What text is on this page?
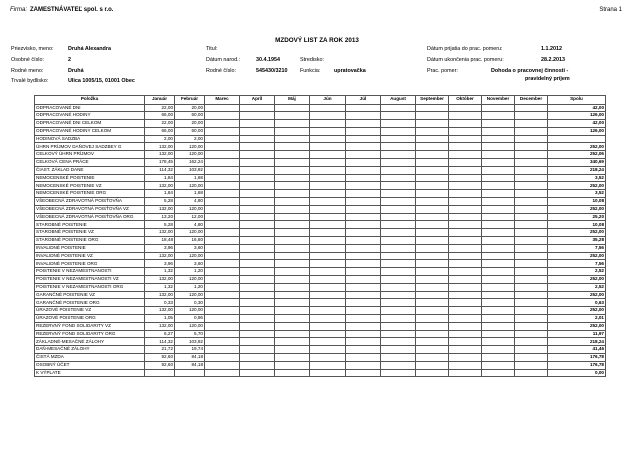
Firma: ZAMESTNÁVATEĽ spol. s r.o.	Strana 1
MZDOVÝ LIST ZA ROK 2013
Priezvisko, meno:	Druhá Alexandra
Osobné číslo:	2
Rodné meno:	Druhá
Trvalé bydlisko:	Ulica 1005/15, 01001 Obec
Titul:
Dátum narod.:	30.4.1954
Rodné číslo:	545430/3210
Stredisko:
Funkcia:	upratovačka
Dátum prijatia do prac. pomeru:	1.1.2012
Dátum ukončenia prac. pomeru:	28.2.2013
Prac. pomer:	Dohoda o pracovnej činnosti -
pravidelný príjem
Položka	Január	Február	Marec	Apríl	Máj	Jún	Júl	August	September	Október	November	December	Spolu
ODPRACOVANÉ DNI	22,00	20,00											42,00
ODPRACOVANÉ HODINY	66,00	60,00											126,00
ODPRACOVANÉ DNI CELKOM	22,00	20,00											42,00
ODPRACOVANÉ HODINY CELKOM	66,00	60,00											126,00
HODINOVÁ SADZBA	2,00	2,00											
ÚHRN PRÍJMOV DAŇOVEJ SADZBEY G	132,00	120,00											252,00
CELKOVÝ ÚHRN PRÍJMOV	132,00	120,00											252,06
CELKOVÁ CENA PRÁCE	178,45	162,24											340,69
ČIAST. ZÁKLAD DANE	114,32	103,92											218,24
NEMOCENSKÉ POISTENIE	1,84	1,68											3,52
NEMOCENSKÉ POISTENIE VZ	132,00	120,00											252,00
NEMOCENSKÉ POISTENIE ORG	1,84	1,68											3,52
VŠEOBECNÁ ZDRAVOTNÁ POISŤOVŇA	5,28	4,80											10,08
VŠEOBECNÁ ZDRAVOTNÁ POISŤOVŇA VZ	132,00	120,00											252,00
VŠEOBECNÁ ZDRAVOTNÁ POISŤOVŇA ORG	13,20	12,00											25,20
STAROBNÉ POISTENIE	5,28	4,80											10,08
STAROBNÉ POISTENIE VZ	132,00	120,00											252,00
STAROBNÉ POISTENIE ORG	18,48	16,80											35,28
INVALIDNÉ POISTENIE	3,96	3,60											7,56
INVALIDNÉ POISTENIE VZ	132,00	120,00											252,00
INVALIDNÉ POISTENIE ORG	3,96	3,60											7,56
POISTENIE V NEZAMESTNANOSTI	1,32	1,20											2,52
POISTENIE V NEZAMESTNANOSTI VZ	132,00	120,00											252,00
POISTENIE V NEZAMESTNANOSTI ORG	1,32	1,20											2,52
GARANČNÉ POISTENIE VZ	132,00	120,00											252,00
GARANČNÉ POISTENIE ORG	0,33	0,30											0,63
ÚRAZOVÉ POISTENIE VZ	132,00	120,00											252,00
ÚRAZOVÉ POISTENIE ORG	1,05	0,96											2,01
REZERVNÝ FOND SOLIDARITY VZ	132,00	120,00											252,00
REZERVNÝ FOND SOLIDARITY ORG	6,27	5,70											11,97
ZÁKLADNÉ-MESAČNÉ ZÁLOHY	114,32	103,92											218,24
DAŇ-MESAČNÉ ZÁLOHY	21,72	19,74											41,46
ČISTÁ MZDA	92,60	84,18											176,78
OSOBNÝ ÚČET	92,60	84,18											176,78
K VÝPLATE													0,00
